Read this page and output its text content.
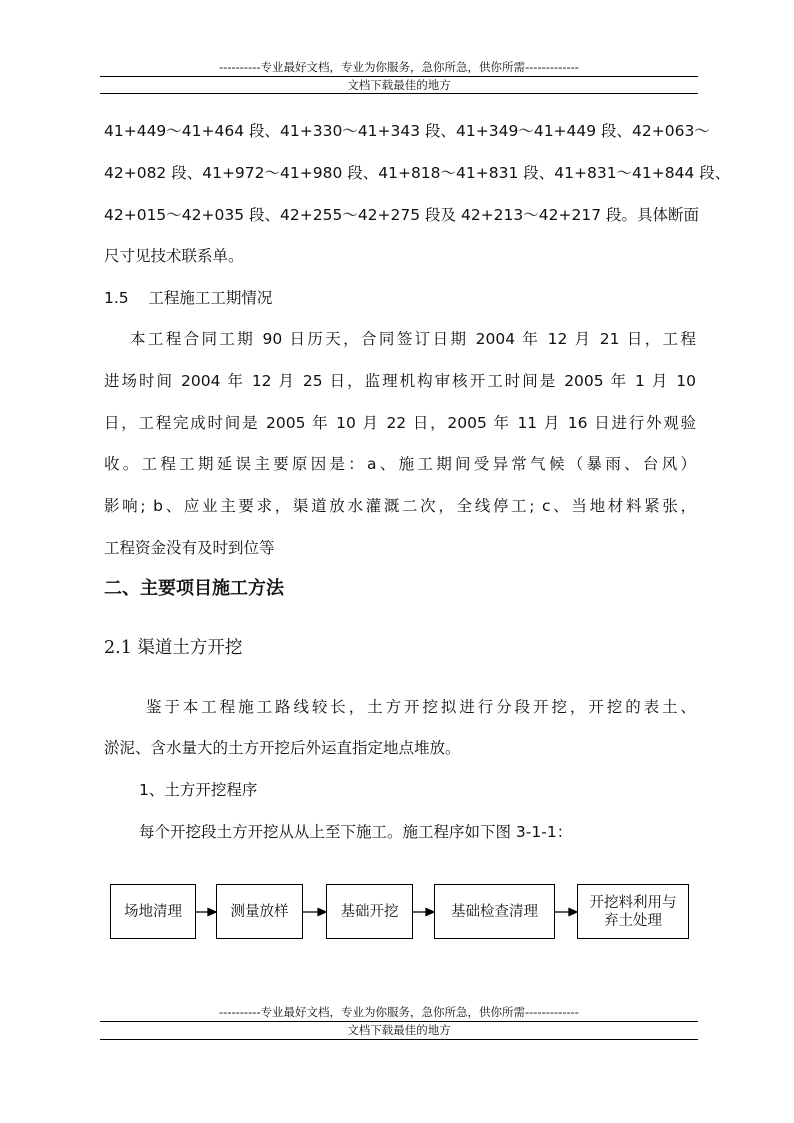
----------专业最好文档，专业为你服务，急你所急，供你所需-------------
文档下载最佳的地方
41+449～41+464 段、41+330～41+343 段、41+349～41+449 段、42+063～
42+082 段、41+972～41+980 段、41+818～41+831 段、41+831～41+844 段、
42+015～42+035 段、42+255～42+275 段及 42+213～42+217 段。具体断面
尺寸见技术联系单。
1.5    工程施工工期情况
本工程合同工期 90 日历天，合同签订日期 2004 年 12 月 21 日，工程
进场时间 2004 年 12 月 25 日，监理机构审核开工时间是 2005 年 1 月 10
日，工程完成时间是 2005 年 10 月 22 日，2005 年 11 月 16 日进行外观验
收。工程工期延误主要原因是：a、施工期间受异常气候（暴雨、台风）
影响; b、应业主要求，渠道放水灌溉二次，全线停工; c、当地材料紧张，
工程资金没有及时到位等
二、主要项目施工方法
2.1 渠道土方开挖
鉴于本工程施工路线较长，土方开挖拟进行分段开挖，开挖的表土、
淤泥、含水量大的土方开挖后外运直指定地点堆放。
1、土方开挖程序
每个开挖段土方开挖从从上至下施工。施工程序如下图 3-1-1：
场地清理	测量放样	基础开挖	基础检查清理
开挖料利用与弃土处理
----------专业最好文档，专业为你服务，急你所急，供你所需-------------
文档下载最佳的地方
